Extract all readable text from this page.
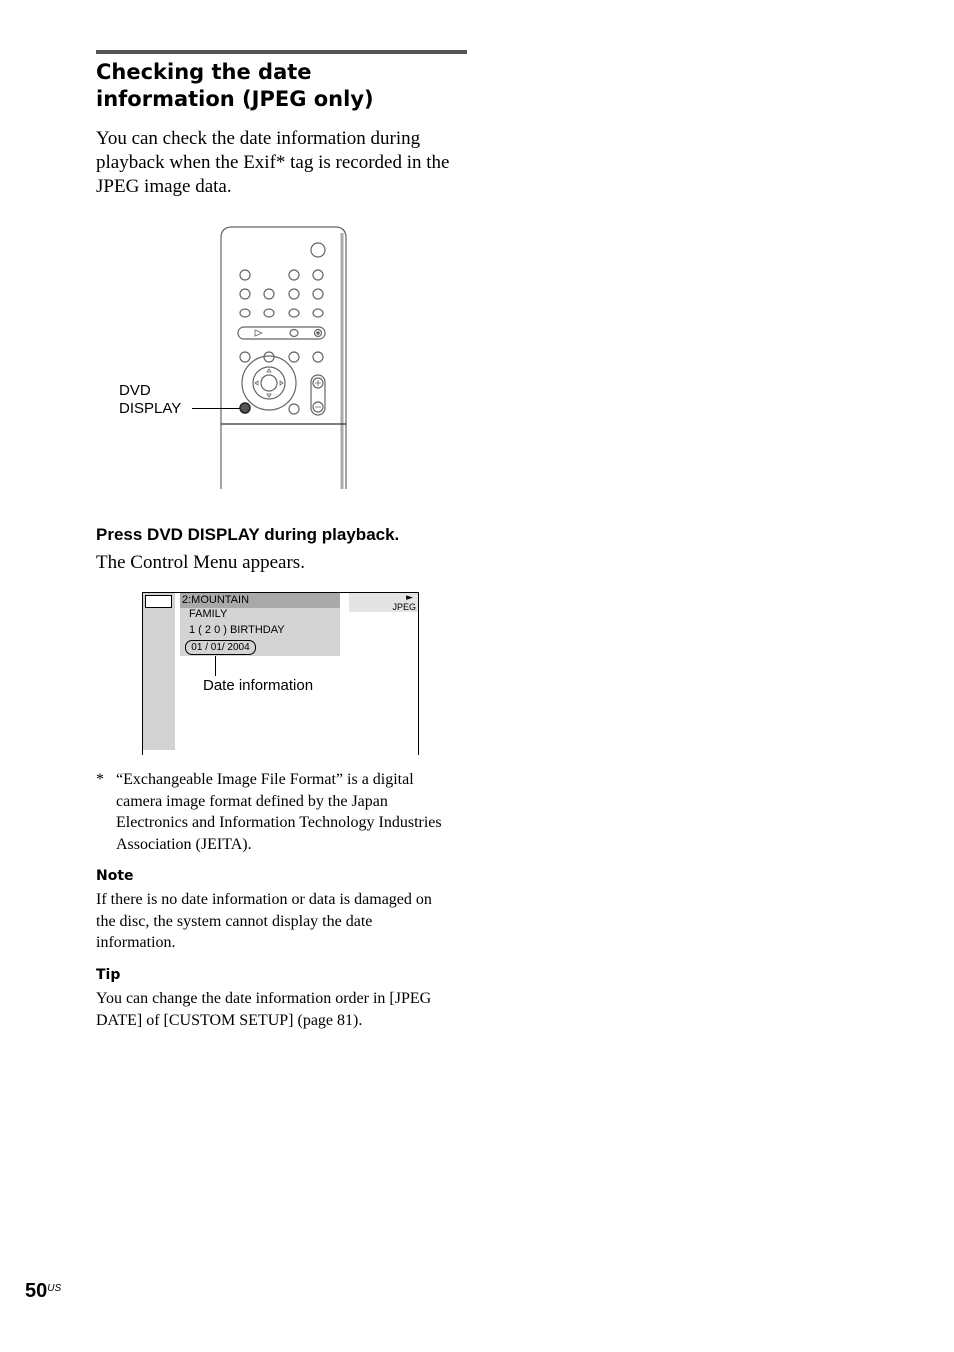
Checking the date
information (JPEG only)
You can check the date information during
playback when the Exif* tag is recorded in the
JPEG image data.
DVD
DISPLAY
Press DVD DISPLAY during playback.
The Control Menu appears.
2:MOUNTAIN
FAMILY
1 ( 2 0 ) BIRTHDAY
01 / 01/ 2004
►
JPEG
Date information
* “Exchangeable Image File Format” is a digital
camera image format defined by the Japan
Electronics and Information Technology Industries
Association (JEITA).
Note
If there is no date information or data is damaged on
the disc, the system cannot display the date
information.
Tip
You can change the date information order in [JPEG
DATE] of [CUSTOM SETUP] (page 81).
$50^{US}$
